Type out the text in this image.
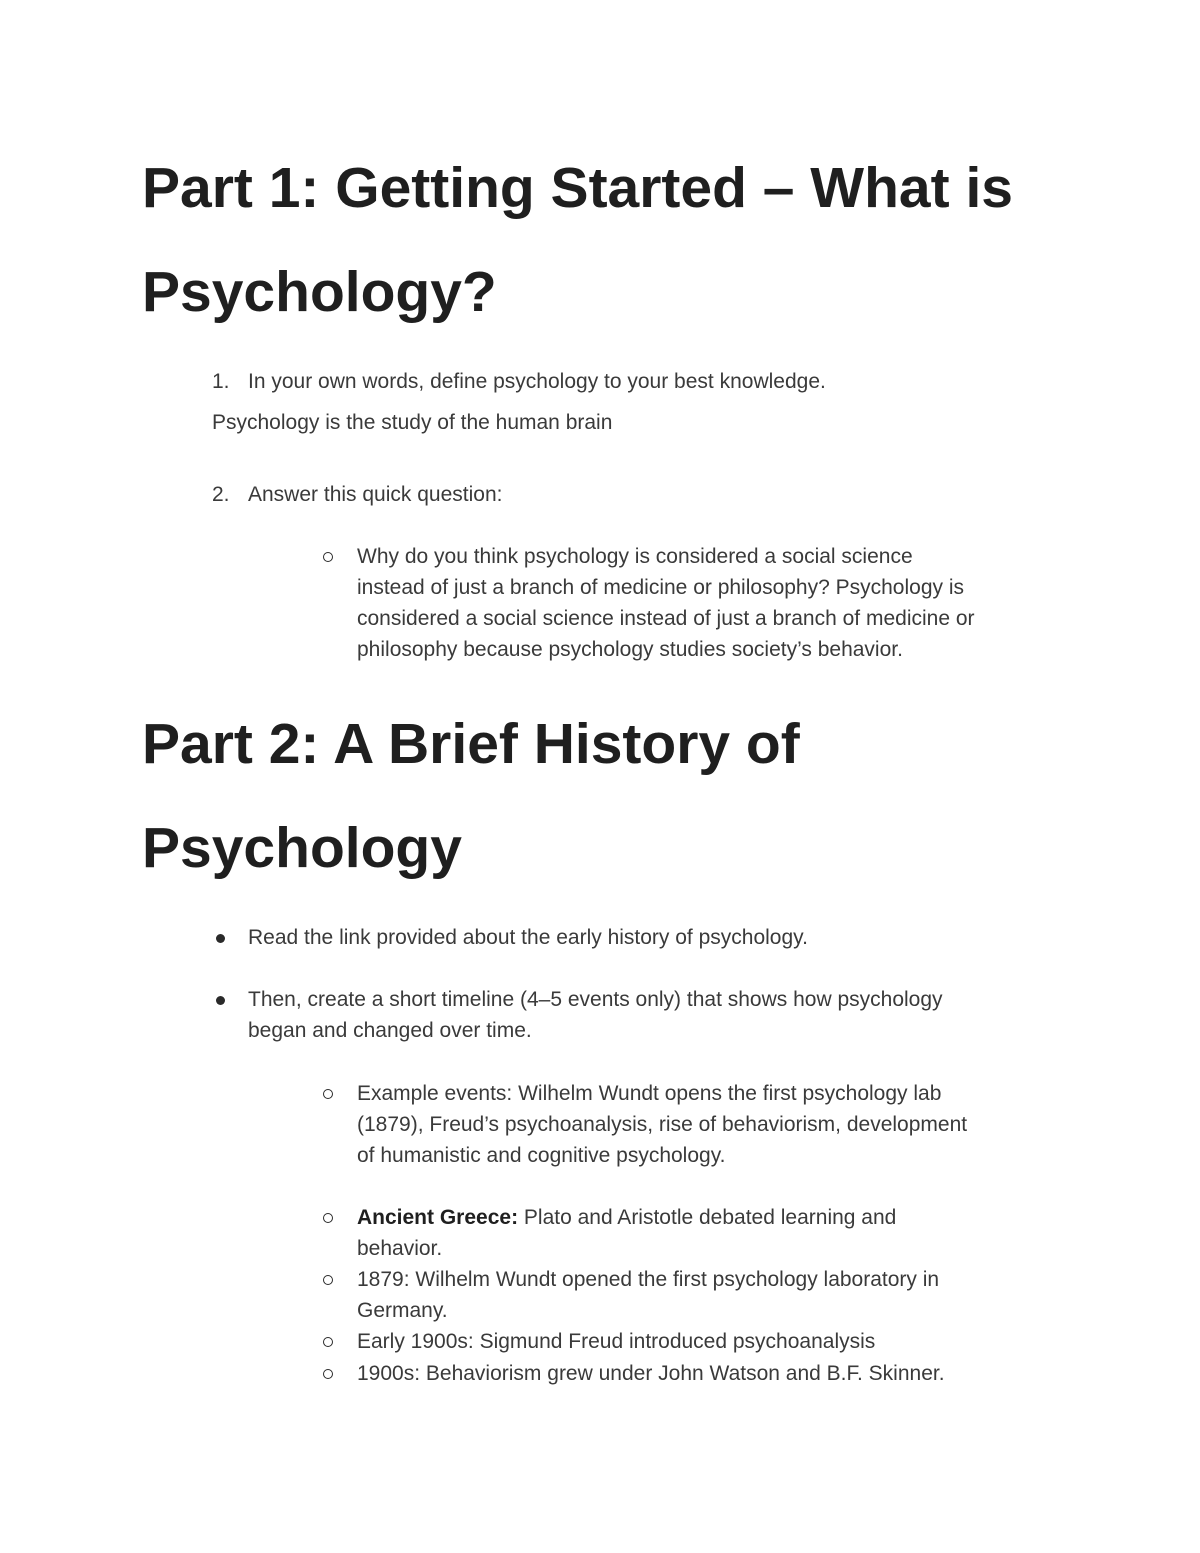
Part 1: Getting Started – What is
Psychology?
1. In your own words, define psychology to your best knowledge.

Psychology is the study of the human brain

2. Answer this quick question:

Why do you think psychology is considered a social science

instead of just a branch of medicine or philosophy? Psychology is

considered a social science instead of just a branch of medicine or

philosophy because psychology studies society’s behavior.

Part 2: A Brief History of
Psychology

Read the link provided about the early history of psychology.

Then, create a short timeline (4–5 events only) that shows how psychology

began and changed over time.

Example events: Wilhelm Wundt opens the first psychology lab

(1879), Freud’s psychoanalysis, rise of behaviorism, development

of humanistic and cognitive psychology.

Ancient Greece: Plato and Aristotle debated learning and

behavior.

1879: Wilhelm Wundt opened the first psychology laboratory in

Germany.

Early 1900s: Sigmund Freud introduced psychoanalysis

1900s: Behaviorism grew under John Watson and B.F. Skinner.
